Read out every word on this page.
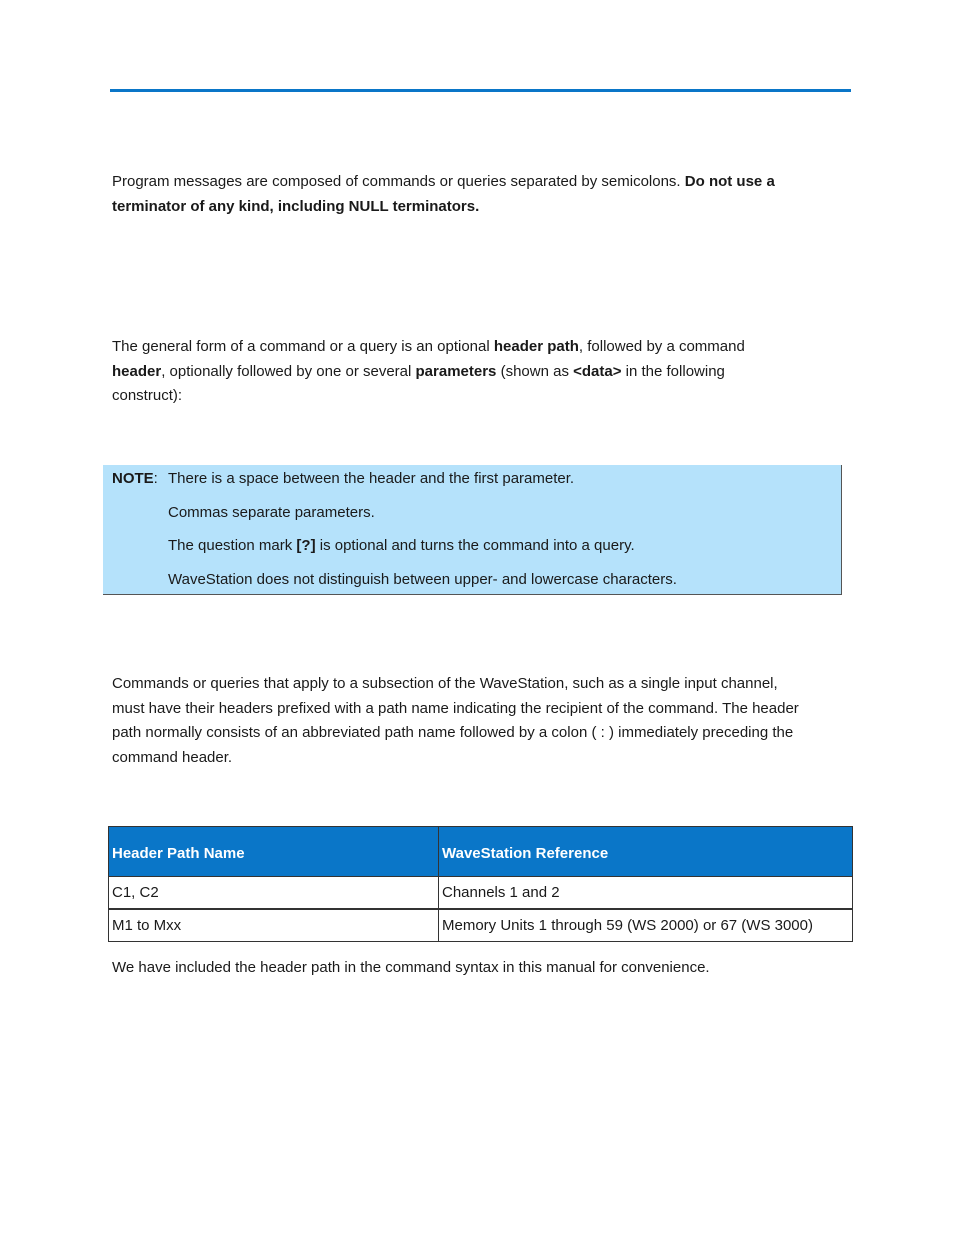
Program messages are composed of commands or queries separated by semicolons. Do not use a terminator of any kind, including NULL terminators.

The general form of a command or a query is an optional header path, followed by a command header, optionally followed by one or several parameters (shown as <data> in the following construct):

NOTE: There is a space between the header and the first parameter.
Commas separate parameters.
The question mark [?] is optional and turns the command into a query.
WaveStation does not distinguish between upper- and lowercase characters.

Commands or queries that apply to a subsection of the WaveStation, such as a single input channel, must have their headers prefixed with a path name indicating the recipient of the command. The header path normally consists of an abbreviated path name followed by a colon ( : ) immediately preceding the command header.

Header Path Name	WaveStation Reference
C1, C2	Channels 1 and 2
M1 to Mxx	Memory Units 1 through 59 (WS 2000) or 67 (WS 3000)

We have included the header path in the command syntax in this manual for convenience.
